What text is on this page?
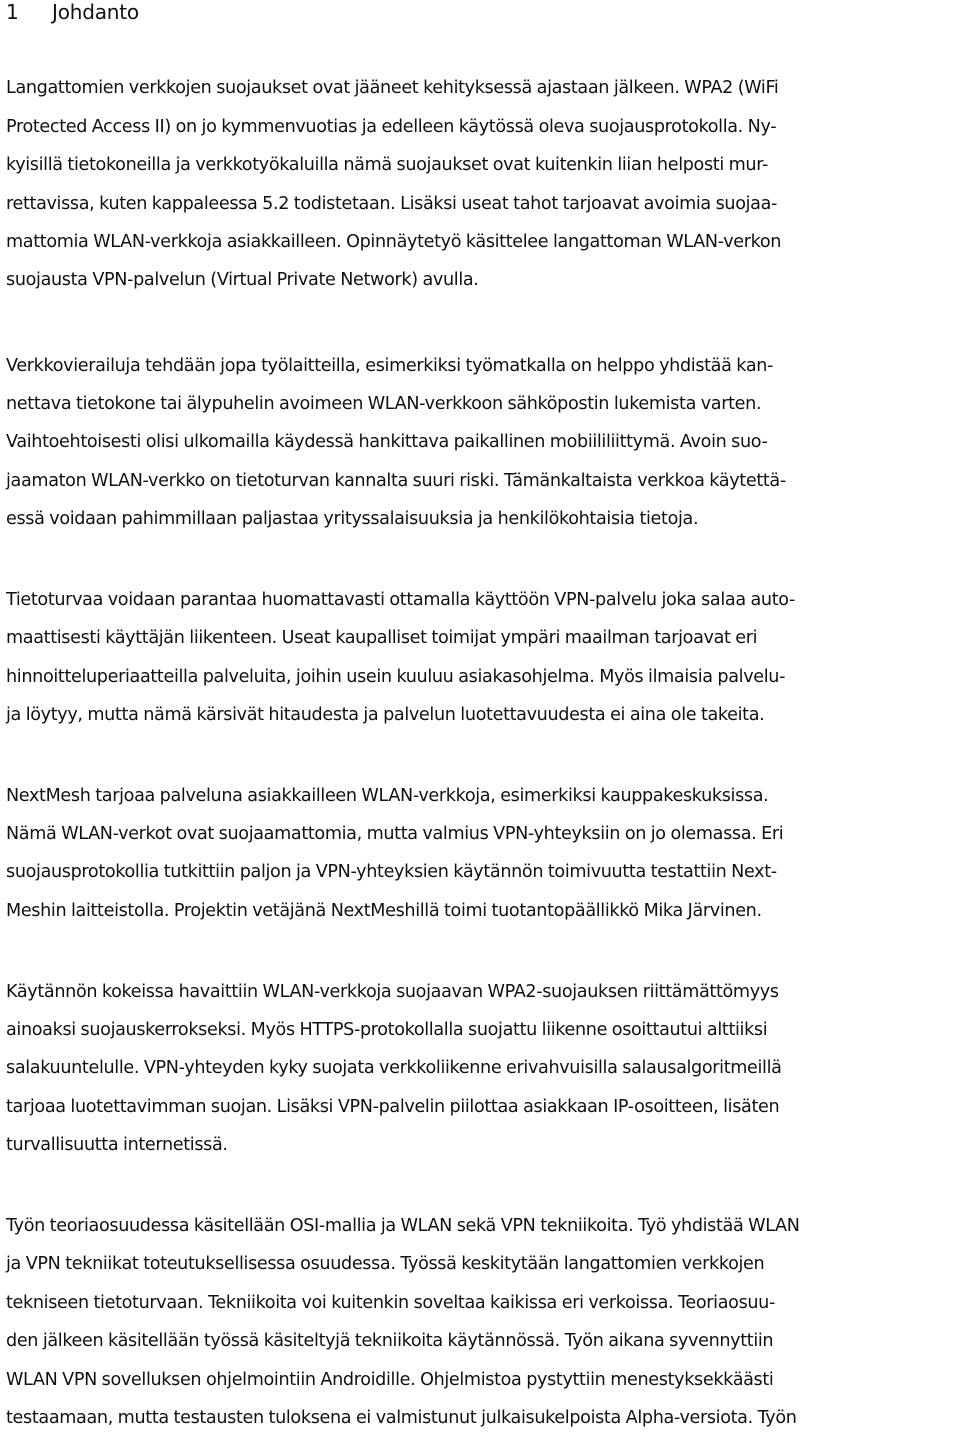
1 Johdanto
Langattomien verkkojen suojaukset ovat jääneet kehityksessä ajastaan jälkeen. WPA2 (WiFi
Protected Access II) on jo kymmenvuotias ja edelleen käytössä oleva suojausprotokolla. Ny-
kyisillä tietokoneilla ja verkkotyökaluilla nämä suojaukset ovat kuitenkin liian helposti mur-
rettavissa, kuten kappaleessa 5.2 todistetaan. Lisäksi useat tahot tarjoavat avoimia suojaa-
mattomia WLAN-verkkoja asiakkailleen. Opinnäytetyö käsittelee langattoman WLAN-verkon
suojausta VPN-palvelun (Virtual Private Network) avulla.
Verkkovierailuja tehdään jopa työlaitteilla, esimerkiksi työmatkalla on helppo yhdistää kan-
nettava tietokone tai älypuhelin avoimeen WLAN-verkkoon sähköpostin lukemista varten.
Vaihtoehtoisesti olisi ulkomailla käydessä hankittava paikallinen mobiililiittymä. Avoin suo-
jaamaton WLAN-verkko on tietoturvan kannalta suuri riski. Tämänkaltaista verkkoa käytettä-
essä voidaan pahimmillaan paljastaa yrityssalaisuuksia ja henkilökohtaisia tietoja.
Tietoturvaa voidaan parantaa huomattavasti ottamalla käyttöön VPN-palvelu joka salaa auto-
maattisesti käyttäjän liikenteen. Useat kaupalliset toimijat ympäri maailman tarjoavat eri
hinnoitteluperiaatteilla palveluita, joihin usein kuuluu asiakasohjelma. Myös ilmaisia palvelu-
ja löytyy, mutta nämä kärsivät hitaudesta ja palvelun luotettavuudesta ei aina ole takeita.
NextMesh tarjoaa palveluna asiakkailleen WLAN-verkkoja, esimerkiksi kauppakeskuksissa.
Nämä WLAN-verkot ovat suojaamattomia, mutta valmius VPN-yhteyksiin on jo olemassa. Eri
suojausprotokollia tutkittiin paljon ja VPN-yhteyksien käytännön toimivuutta testattiin Next-
Meshin laitteistolla. Projektin vetäjänä NextMeshillä toimi tuotantopäällikkö Mika Järvinen.
Käytännön kokeissa havaittiin WLAN-verkkoja suojaavan WPA2-suojauksen riittämättömyys
ainoaksi suojauskerrokseksi. Myös HTTPS-protokollalla suojattu liikenne osoittautui alttiiksi
salakuuntelulle. VPN-yhteyden kyky suojata verkkoliikenne erivahvuisilla salausalgoritmeillä
tarjoaa luotettavimman suojan. Lisäksi VPN-palvelin piilottaa asiakkaan IP-osoitteen, lisäten
turvallisuutta internetissä.
Työn teoriaosuudessa käsitellään OSI-mallia ja WLAN sekä VPN tekniikoita. Työ yhdistää WLAN
ja VPN tekniikat toteutuksellisessa osuudessa. Työssä keskitytään langattomien verkkojen
tekniseen tietoturvaan. Tekniikoita voi kuitenkin soveltaa kaikissa eri verkoissa. Teoriaosuu-
den jälkeen käsitellään työssä käsiteltyjä tekniikoita käytännössä. Työn aikana syvennyttiin
WLAN VPN sovelluksen ohjelmointiin Androidille. Ohjelmistoa pystyttiin menestyksekkäästi
testaamaan, mutta testausten tuloksena ei valmistunut julkaisukelpoista Alpha-versiota. Työn
